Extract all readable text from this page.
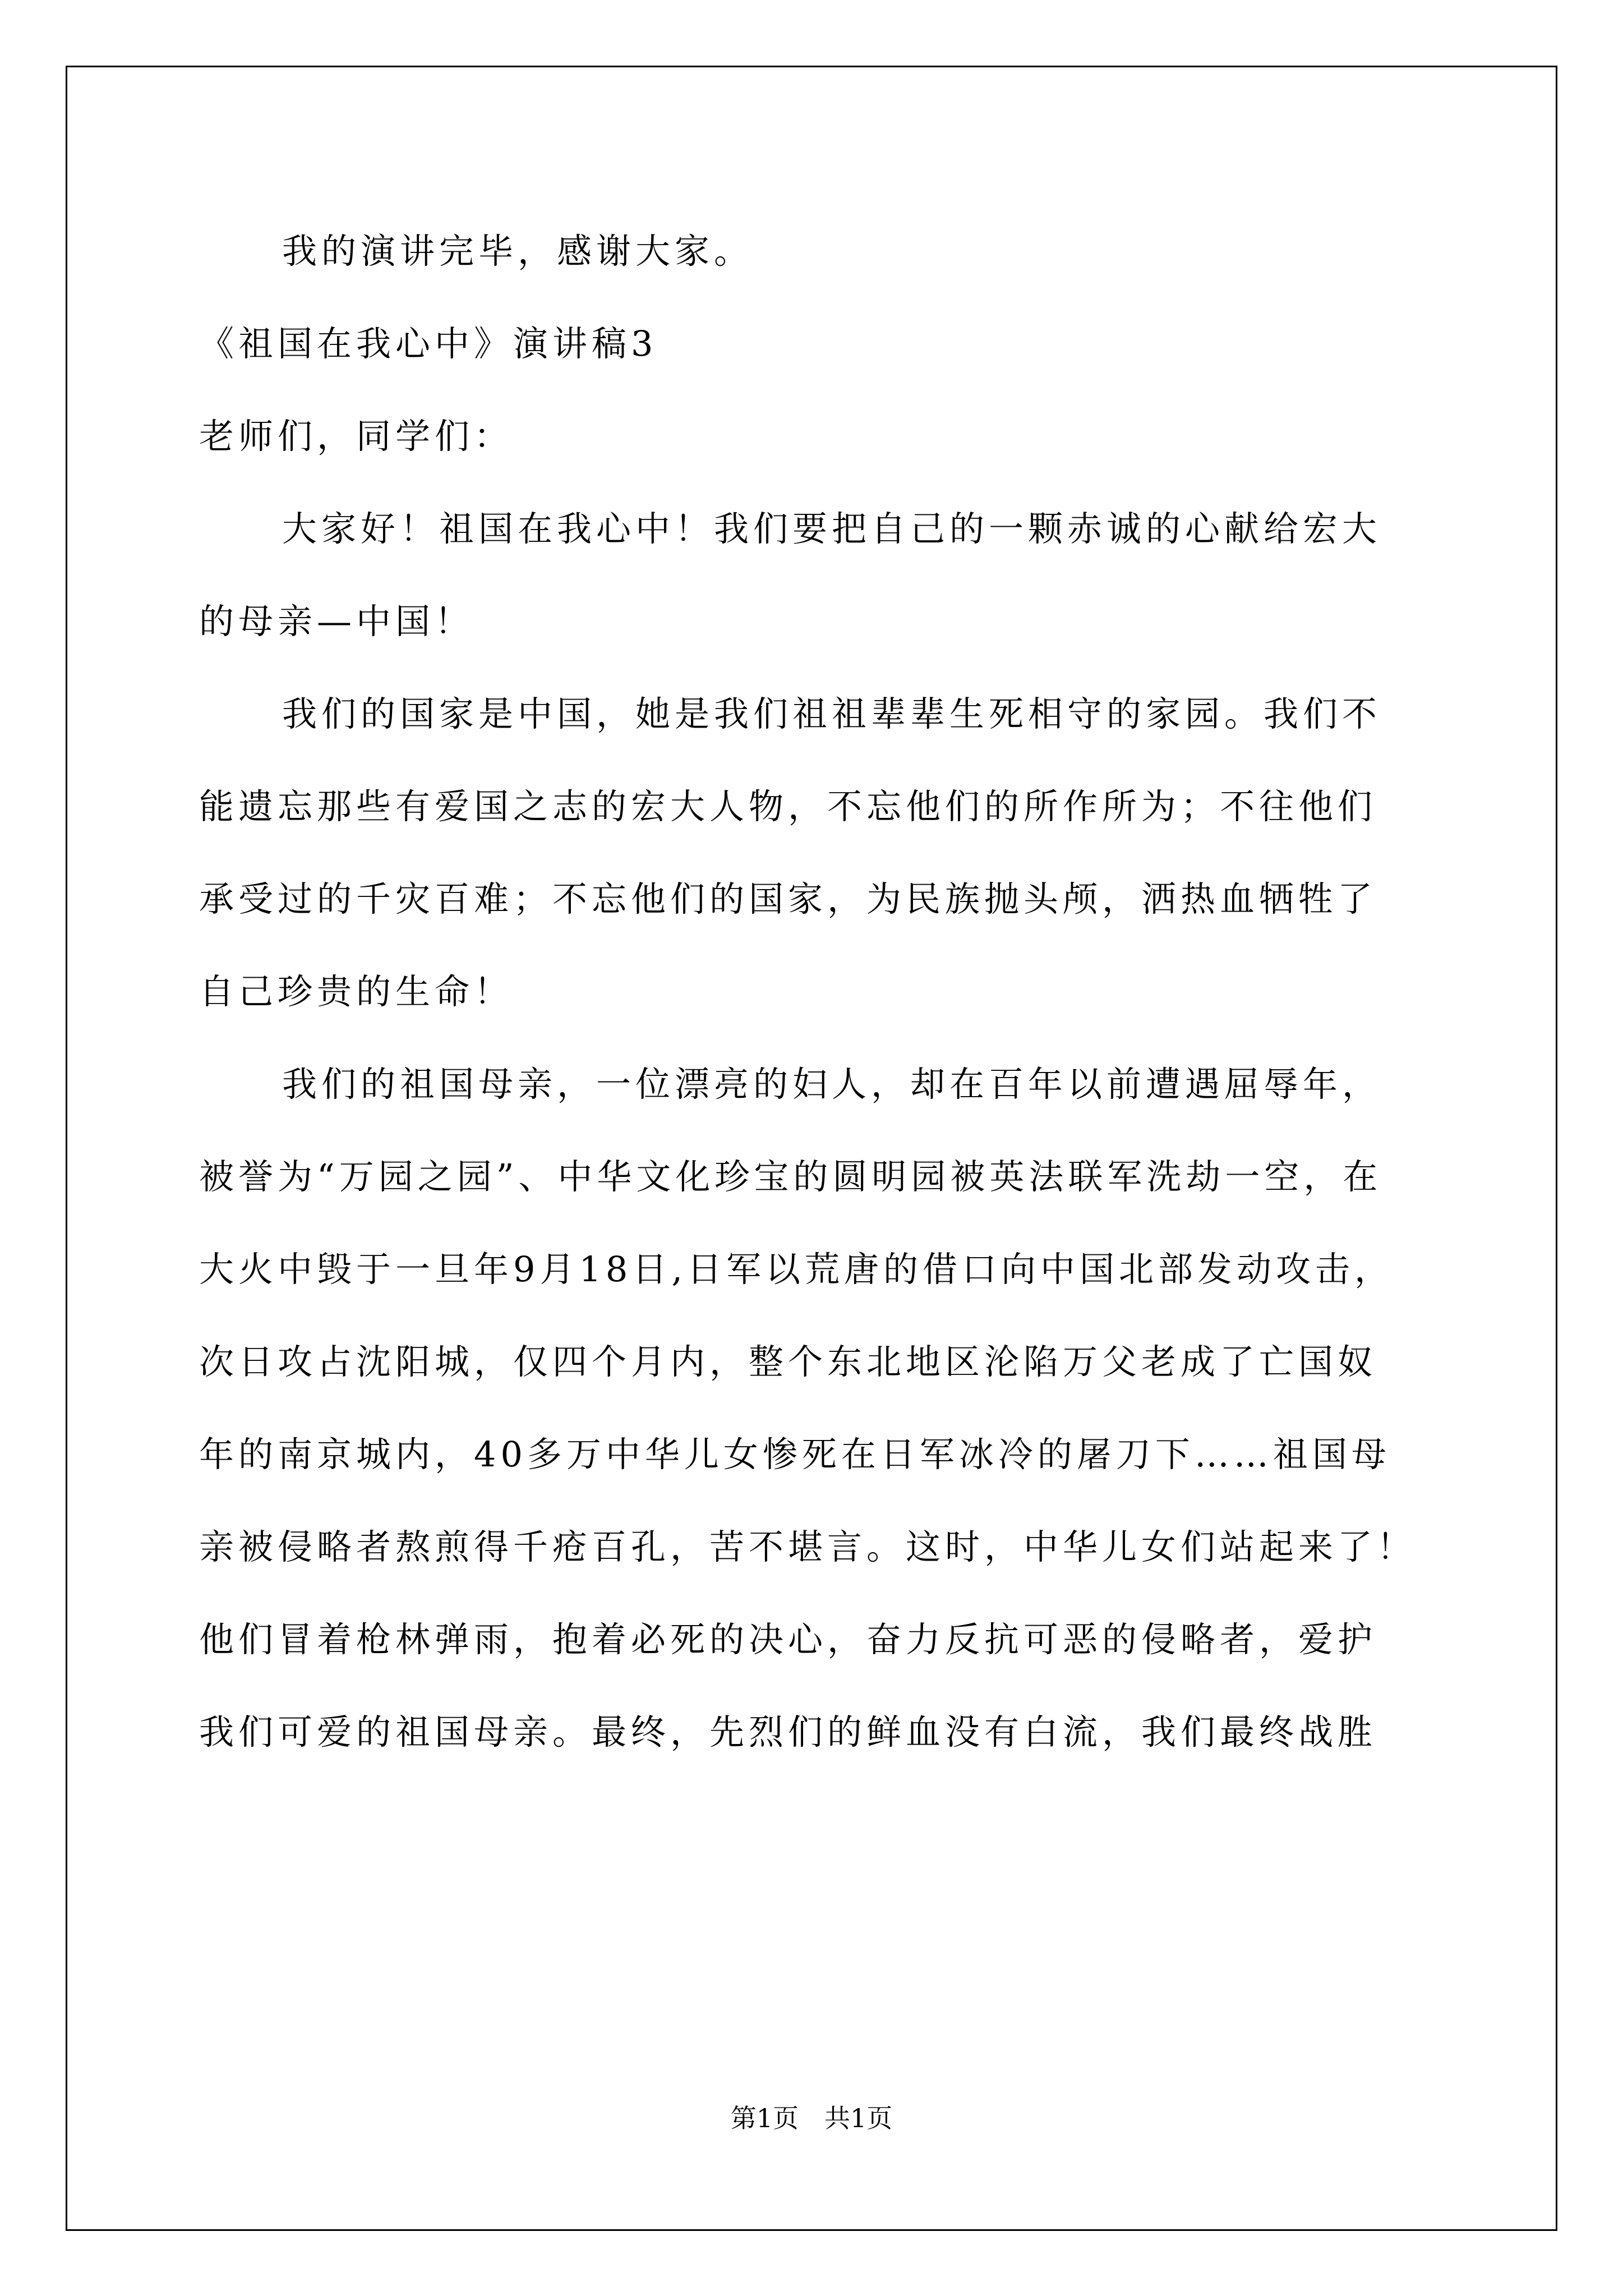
我的演讲完毕，感谢大家。
《祖国在我心中》演讲稿3
老师们，同学们：
大家好！祖国在我心中！我们要把自己的一颗赤诚的心献给宏大
的母亲—中国！
我们的国家是中国，她是我们祖祖辈辈生死相守的家园。我们不
能遗忘那些有爱国之志的宏大人物，不忘他们的所作所为；不往他们
承受过的千灾百难；不忘他们的国家，为民族抛头颅，洒热血牺牲了
自己珍贵的生命！
我们的祖国母亲，一位漂亮的妇人，却在百年以前遭遇屈辱年，
被誉为“万园之园”、中华文化珍宝的圆明园被英法联军洗劫一空，在
大火中毁于一旦年9月18日,日军以荒唐的借口向中国北部发动攻击，
次日攻占沈阳城，仅四个月内，整个东北地区沦陷万父老成了亡国奴
年的南京城内，40多万中华儿女惨死在日军冰冷的屠刀下……祖国母
亲被侵略者熬煎得千疮百孔，苦不堪言。这时，中华儿女们站起来了！
他们冒着枪林弹雨，抱着必死的决心，奋力反抗可恶的侵略者，爱护
我们可爱的祖国母亲。最终，先烈们的鲜血没有白流，我们最终战胜
第1页　共1页
